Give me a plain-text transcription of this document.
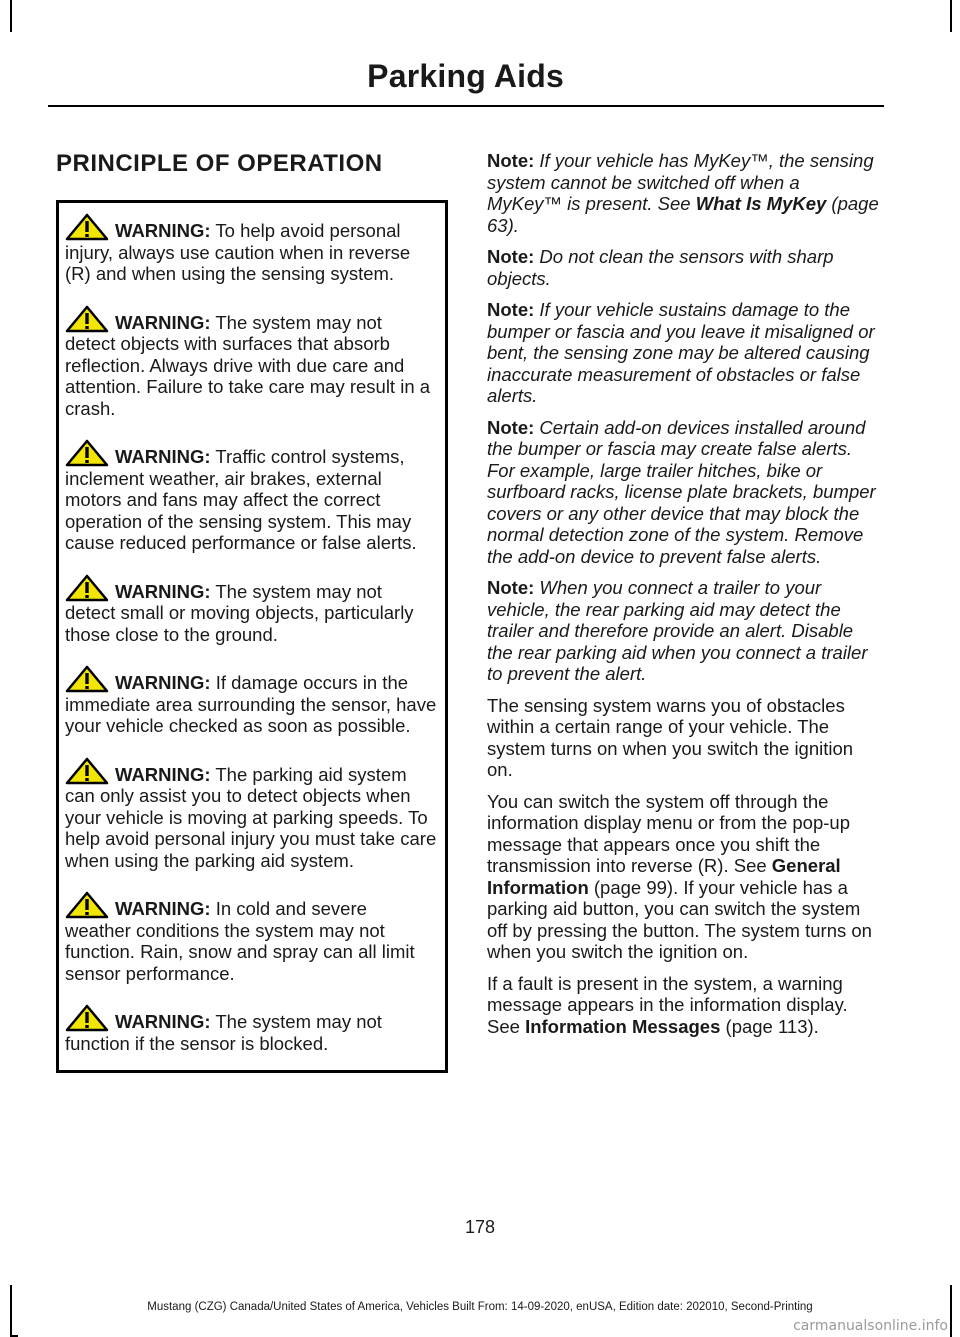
Parking Aids
PRINCIPLE OF OPERATION
WARNING: To help avoid personal injury, always use caution when in reverse (R) and when using the sensing system.
WARNING: The system may not detect objects with surfaces that absorb reflection. Always drive with due care and attention. Failure to take care may result in a crash.
WARNING: Traffic control systems, inclement weather, air brakes, external motors and fans may affect the correct operation of the sensing system. This may cause reduced performance or false alerts.
WARNING: The system may not detect small or moving objects, particularly those close to the ground.
WARNING: If damage occurs in the immediate area surrounding the sensor, have your vehicle checked as soon as possible.
WARNING: The parking aid system can only assist you to detect objects when your vehicle is moving at parking speeds. To help avoid personal injury you must take care when using the parking aid system.
WARNING: In cold and severe weather conditions the system may not function. Rain, snow and spray can all limit sensor performance.
WARNING: The system may not function if the sensor is blocked.

Note: If your vehicle has MyKey™, the sensing system cannot be switched off when a MyKey™ is present. See What Is MyKey (page 63).

Note: Do not clean the sensors with sharp objects.

Note: If your vehicle sustains damage to the bumper or fascia and you leave it misaligned or bent, the sensing zone may be altered causing inaccurate measurement of obstacles or false alerts.

Note: Certain add-on devices installed around the bumper or fascia may create false alerts. For example, large trailer hitches, bike or surfboard racks, license plate brackets, bumper covers or any other device that may block the normal detection zone of the system. Remove the add-on device to prevent false alerts.

Note: When you connect a trailer to your vehicle, the rear parking aid may detect the trailer and therefore provide an alert. Disable the rear parking aid when you connect a trailer to prevent the alert.

The sensing system warns you of obstacles within a certain range of your vehicle. The system turns on when you switch the ignition on.

You can switch the system off through the information display menu or from the pop-up message that appears once you shift the transmission into reverse (R). See General Information (page 99). If your vehicle has a parking aid button, you can switch the system off by pressing the button. The system turns on when you switch the ignition on.

If a fault is present in the system, a warning message appears in the information display. See Information Messages (page 113).

178
Mustang (CZG) Canada/United States of America, Vehicles Built From: 14-09-2020, enUSA, Edition date: 202010, Second-Printing
carmanualsonline.info
